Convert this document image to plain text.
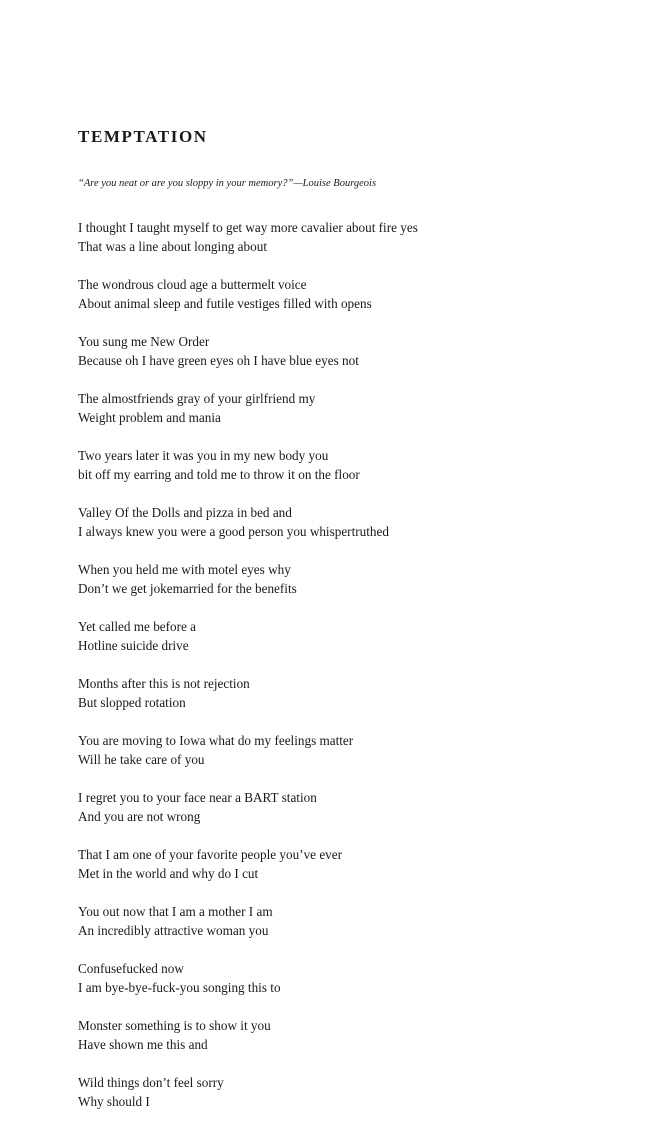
TEMPTATION

“Are you neat or are you sloppy in your memory?”—Louise Bourgeois

I thought I taught myself to get way more cavalier about fire yes
That was a line about longing about
The wondrous cloud age a buttermelt voice
About animal sleep and futile vestiges filled with opens
You sung me New Order
Because oh I have green eyes oh I have blue eyes not
The almostfriends gray of your girlfriend my
Weight problem and mania
Two years later it was you in my new body you
bit off my earring and told me to throw it on the floor
Valley Of the Dolls and pizza in bed and
I always knew you were a good person you whispertruthed
When you held me with motel eyes why
Don’t we get jokemarried for the benefits
Yet called me before a
Hotline suicide drive
Months after this is not rejection
But slopped rotation
You are moving to Iowa what do my feelings matter
Will he take care of you
I regret you to your face near a BART station
And you are not wrong
That I am one of your favorite people you’ve ever
Met in the world and why do I cut
You out now that I am a mother I am
An incredibly attractive woman you
Confusefucked now
I am bye-bye-fuck-you songing this to
Monster something is to show it you
Have shown me this and
Wild things don’t feel sorry
Why should I
